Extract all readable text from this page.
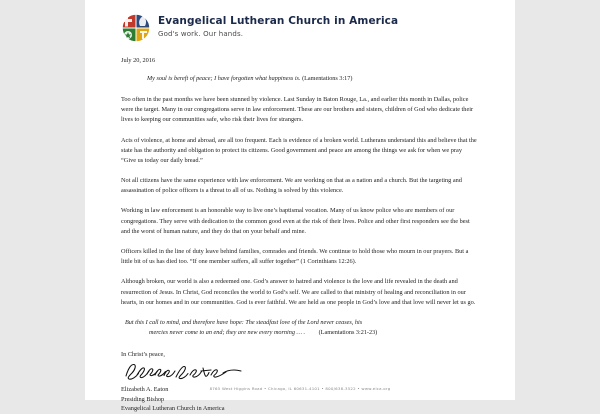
Evangelical Lutheran Church in America
God's work. Our hands.
July 20, 2016
My soul is bereft of peace; I have forgotten what happiness is. (Lamentations 3:17)

Too often in the past months we have been stunned by violence. Last Sunday in Baton Rouge, La., and earlier this month in Dallas, police were the target. Many in our congregations serve in law enforcement. These are our brothers and sisters, children of God who dedicate their lives to keeping our communities safe, who risk their lives for strangers.

Acts of violence, at home and abroad, are all too frequent. Each is evidence of a broken world. Lutherans understand this and believe that the state has the authority and obligation to protect its citizens. Good government and peace are among the things we ask for when we pray “Give us today our daily bread.”

Not all citizens have the same experience with law enforcement. We are working on that as a nation and a church. But the targeting and assassination of police officers is a threat to all of us. Nothing is solved by this violence.

Working in law enforcement is an honorable way to live one’s baptismal vocation. Many of us know police who are members of our congregations. They serve with dedication to the common good even at the risk of their lives. Police and other first responders see the best and the worst of human nature, and they do that on your behalf and mine.

Officers killed in the line of duty leave behind families, comrades and friends. We continue to hold those who mourn in our prayers. But a little bit of us has died too. “If one member suffers, all suffer together” (1 Corinthians 12:26).

Although broken, our world is also a redeemed one. God’s answer to hatred and violence is the love and life revealed in the death and resurrection of Jesus. In Christ, God reconciles the world to God’s self. We are called to that ministry of healing and reconciliation in our hearts, in our homes and in our communities. God is ever faithful. We are held as one people in God’s love and that love will never let us go.

But this I call to mind, and therefore have hope: The steadfast love of the Lord never ceases, his
mercies never come to an end; they are new every morning … . (Lamentations 3:21-23)
In Christ’s peace,
Elizabeth A. Eaton
Presiding Bishop
Evangelical Lutheran Church in America
8765 West Higgins Road • Chicago, IL 60631-4101 • 800/638-3522 • www.elca.org
